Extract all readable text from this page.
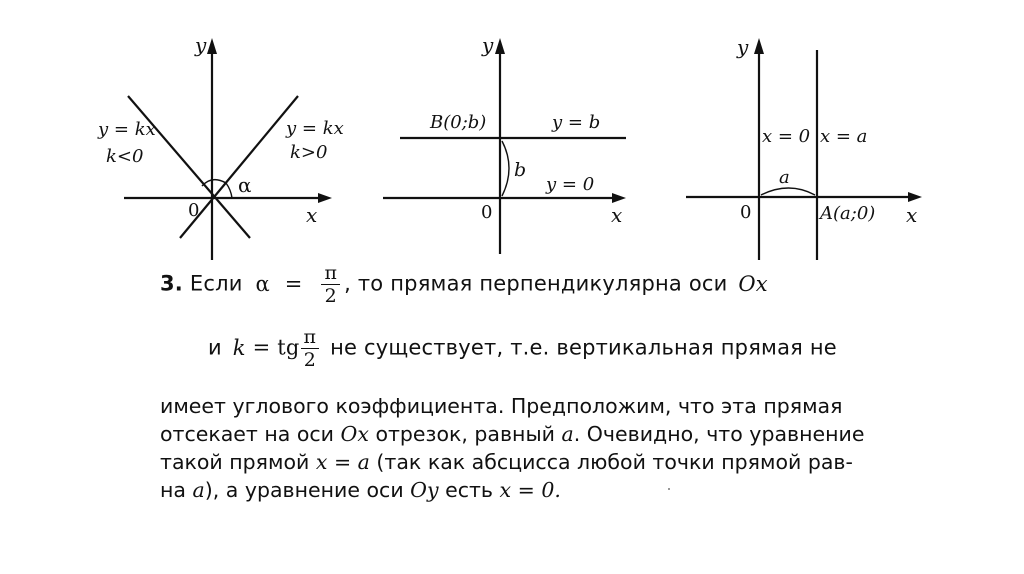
y
x
0
y = kx
k<0
y = kx
k>0
α
y
x
0
B(0;b)	y = b
b
y = 0
y
x
0
x = 0 x = a
a
A(a;0)
3. Если $\alpha = \frac{\pi}{2}$ , то прямая перпендикулярна оси Ox
и k = tg $\frac{\pi}{2}$ не существует, т.е. вертикальная прямая не
имеет углового коэффициента. Предположим, что эта прямая
отсекает на оси Ox отрезок, равный a. Очевидно, что уравнение
такой прямой x = a (так как абсцисса любой точки прямой рав-
на a), а уравнение оси Oy есть x = 0.
